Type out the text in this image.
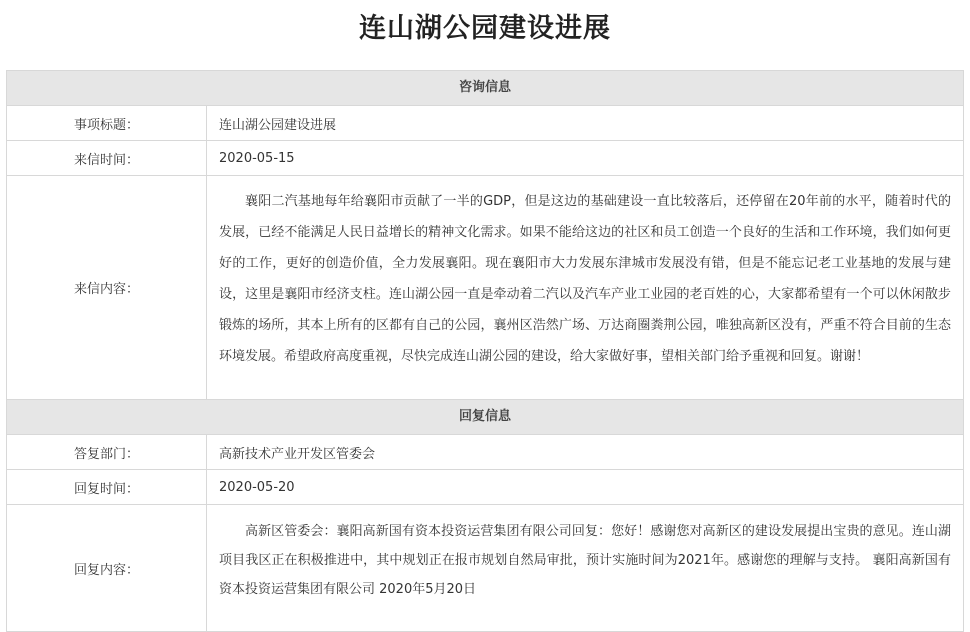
连山湖公园建设进展
咨询信息
事项标题：	连山湖公园建设进展
来信时间：	2020-05-15
来信内容：
襄阳二汽基地每年给襄阳市贡献了一半的GDP，但是这边的基础建设一直比较落后，还停留在20年前的水平，随着时代的发展，已经不能满足人民日益增长的精神文化需求。如果不能给这边的社区和员工创造一个良好的生活和工作环境，我们如何更好的工作，更好的创造价值，全力发展襄阳。现在襄阳市大力发展东津城市发展没有错，但是不能忘记老工业基地的发展与建设，这里是襄阳市经济支柱。连山湖公园一直是牵动着二汽以及汽车产业工业园的老百姓的心，大家都希望有一个可以休闲散步锻炼的场所，其本上所有的区都有自己的公园，襄州区浩然广场、万达商圈粪荆公园，唯独高新区没有，严重不符合目前的生态环境发展。希望政府高度重视，尽快完成连山湖公园的建设，给大家做好事，望相关部门给予重视和回复。谢谢！
回复信息
答复部门：	高新技术产业开发区管委会
回复时间：	2020-05-20
回复内容：
高新区管委会：襄阳高新国有资本投资运营集团有限公司回复：您好！感谢您对高新区的建设发展提出宝贵的意见。连山湖项目我区正在积极推进中，其中规划正在报市规划自然局审批，预计实施时间为2021年。感谢您的理解与支持。 襄阳高新国有资本投资运营集团有限公司 2020年5月20日
